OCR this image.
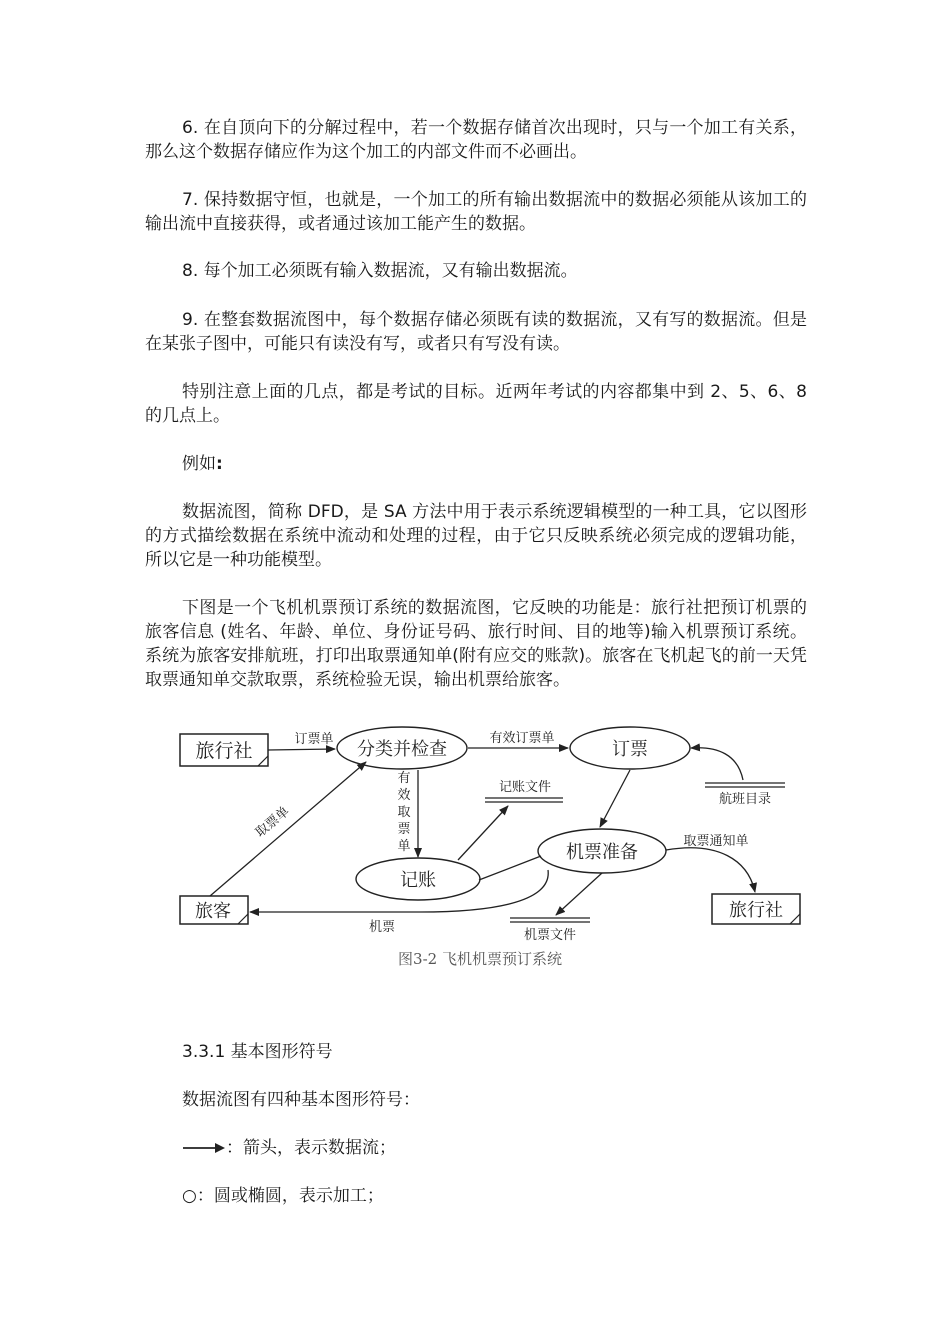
6. 在自顶向下的分解过程中，若一个数据存储首次出现时，只与一个加工有关系，那么这个数据存储应作为这个加工的内部文件而不必画出。

7. 保持数据守恒，也就是，一个加工的所有输出数据流中的数据必须能从该加工的输出流中直接获得，或者通过该加工能产生的数据。

8. 每个加工必须既有输入数据流，又有输出数据流。

9. 在整套数据流图中，每个数据存储必须既有读的数据流，又有写的数据流。但是在某张子图中，可能只有读没有写，或者只有写没有读。

特别注意上面的几点，都是考试的目标。近两年考试的内容都集中到 2、5、6、8 的几点上。

例如:

数据流图，简称 DFD，是 SA 方法中用于表示系统逻辑模型的一种工具，它以图形的方式描绘数据在系统中流动和处理的过程，由于它只反映系统必须完成的逻辑功能，所以它是一种功能模型。

下图是一个飞机机票预订系统的数据流图，它反映的功能是：旅行社把预订机票的旅客信息 (姓名、年龄、单位、身份证号码、旅行时间、目的地等)输入机票预订系统。系统为旅客安排航班，打印出取票通知单(附有应交的账款)。旅客在飞机起飞的前一天凭取票通知单交款取票，系统检验无误，输出机票给旅客。

旅行社
旅客	旅行社
分类并检查	订票
记账
机票准备
航班目录
记账文件
机票文件
订票单	有效订票单
有
效
取
票
单
取票单
取票通知单
机票
图3-2 飞机机票预订系统

3.3.1 基本图形符号

数据流图有四种基本图形符号：

：箭头，表示数据流；

○：圆或椭圆，表示加工；
